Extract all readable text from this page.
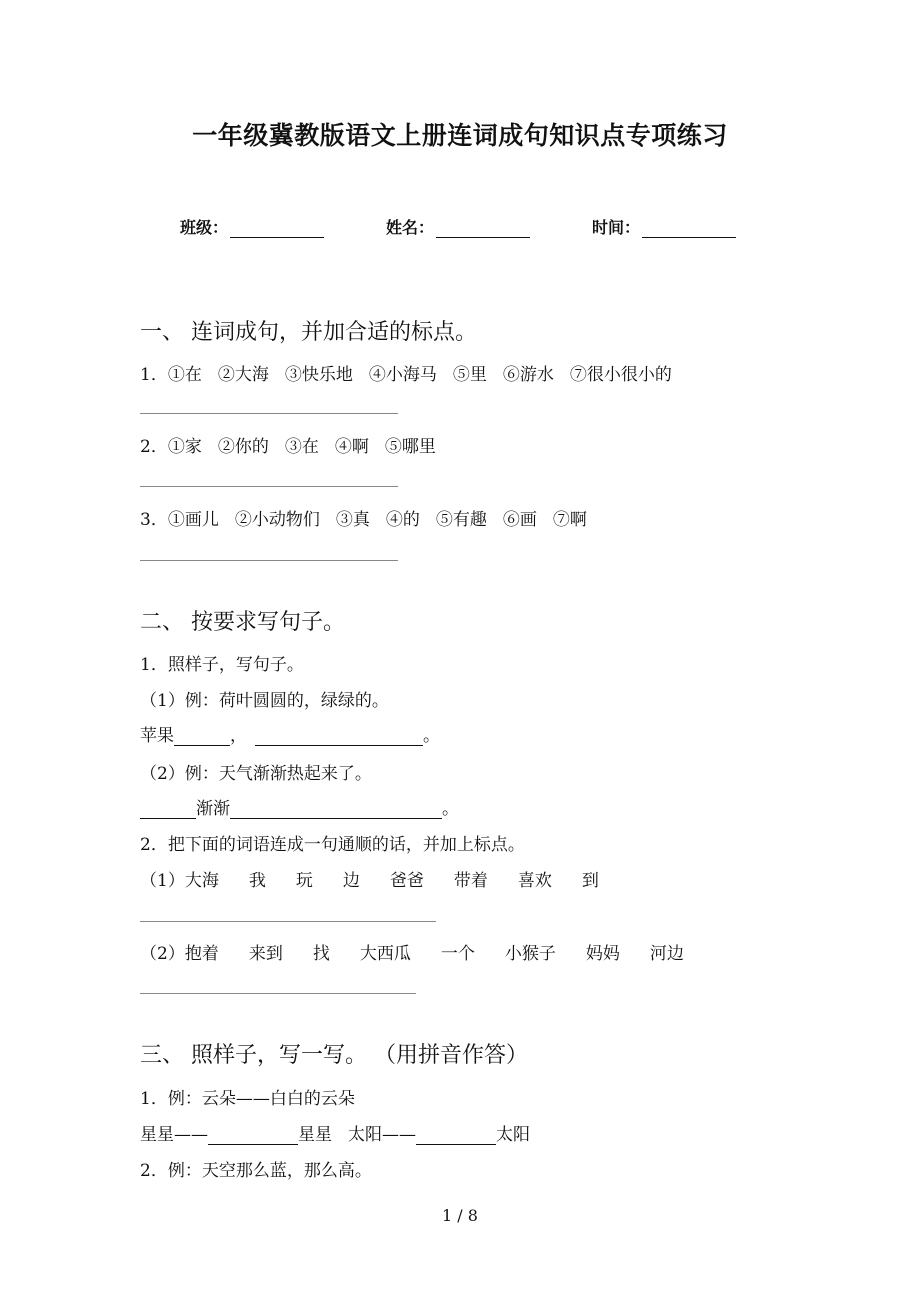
一年级冀教版语文上册连词成句知识点专项练习
班级：	姓名：	时间：
一、 连词成句，并加合适的标点。
1．①在 ②大海 ③快乐地 ④小海马 ⑤里 ⑥游水 ⑦很小很小的
2．①家 ②你的 ③在 ④啊 ⑤哪里
3．①画儿 ②小动物们 ③真 ④的 ⑤有趣 ⑥画 ⑦啊
二、 按要求写句子。
1．照样子，写句子。
（1）例：荷叶圆圆的，绿绿的。
苹果	，	。
（2）例：天气渐渐热起来了。
渐渐	。
2．把下面的词语连成一句通顺的话，并加上标点。
（1）大海 我 玩 边 爸爸 带着 喜欢 到
（2）抱着 来到 找 大西瓜 一个 小猴子 妈妈 河边
三、 照样子，写一写。 （用拼音作答）
1．例：云朵——白白的云朵
星星——	星星 太阳——	太阳
2．例：天空那么蓝，那么高。
1 / 8
